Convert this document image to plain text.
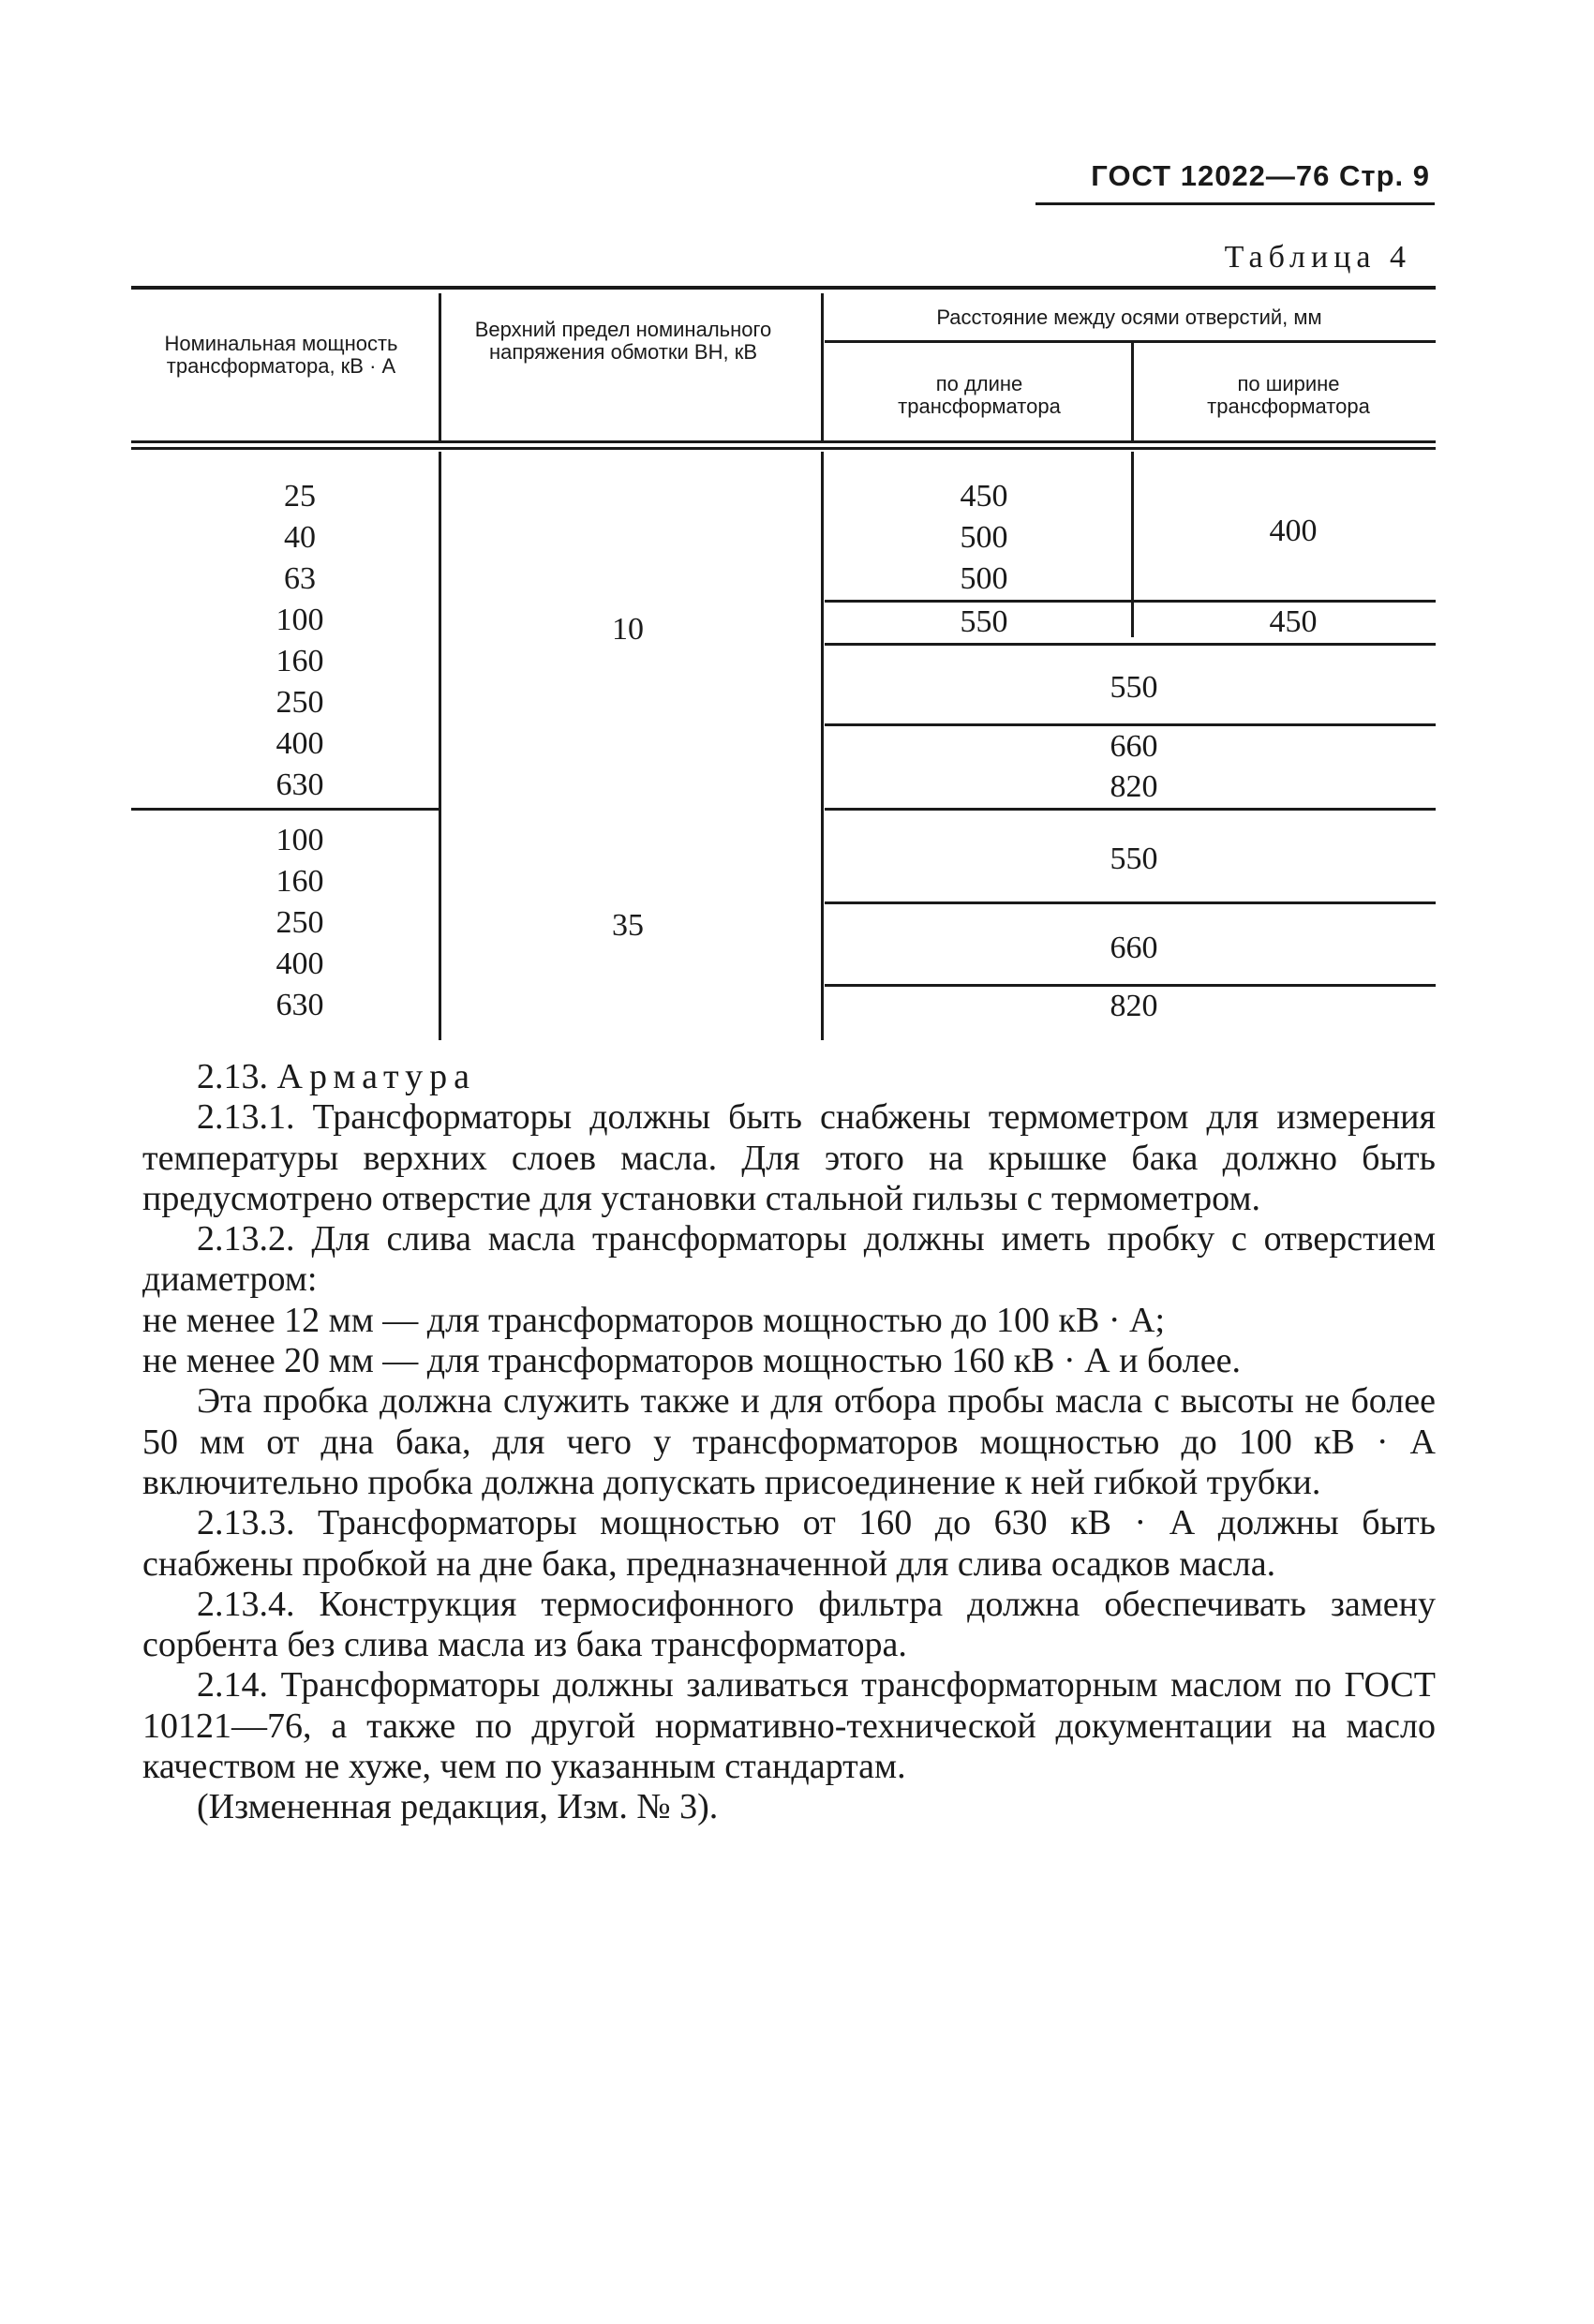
ГОСТ 12022—76 Стр. 9
Таблица 4
Номинальная мощность трансформатора, кВ · А
Верхний предел номинального напряжения обмотки ВН, кВ
Расстояние между осями отверстий, мм
по длине трансформатора
по ширине трансформатора
25
40
63
100
160
250
400
630
10
450
500
500
550
400
450
550
660
820
100
160
250
400
630
35
550
660
820

2.13. Арматура

2.13.1. Трансформаторы должны быть снабжены термометром для измерения температуры верхних слоев масла. Для этого на крышке бака должно быть предусмотрено отверстие для установки стальной гильзы с термометром.

2.13.2. Для слива масла трансформаторы должны иметь пробку с отверстием диаметром:

не менее 12 мм — для трансформаторов мощностью до 100 кВ · А;

не менее 20 мм — для трансформаторов мощностью 160 кВ · А и более.

Эта пробка должна служить также и для отбора пробы масла с высоты не более 50 мм от дна бака, для чего у трансформаторов мощностью до 100 кВ · А включительно пробка должна допускать присоединение к ней гибкой трубки.

2.13.3. Трансформаторы мощностью от 160 до 630 кВ · А должны быть снабжены пробкой на дне бака, предназначенной для слива осадков масла.

2.13.4. Конструкция термосифонного фильтра должна обеспечивать замену сорбента без слива масла из бака трансформатора.

2.14. Трансформаторы должны заливаться трансформаторным маслом по ГОСТ 10121—76, а также по другой нормативно-технической документации на масло качеством не хуже, чем по указанным стандартам.

(Измененная редакция, Изм. № 3).
